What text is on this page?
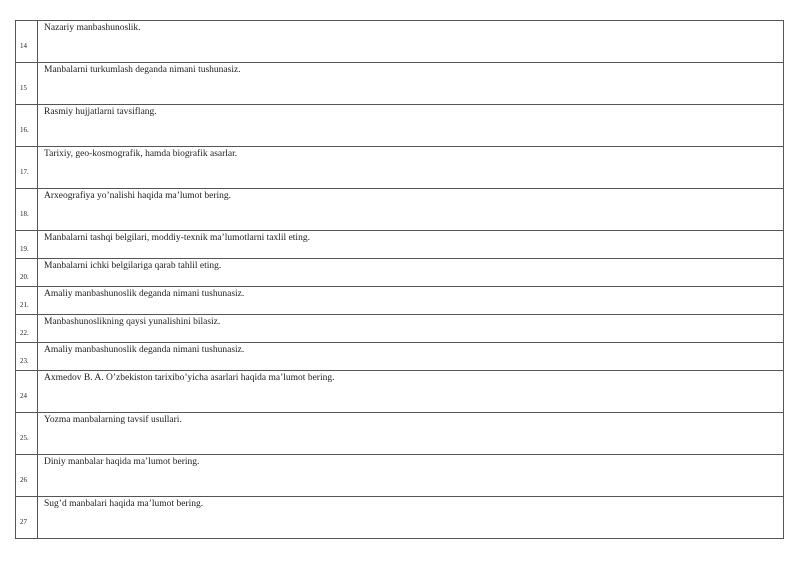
14	Nazariy manbashunoslik.
15	Manbalarni turkumlash deganda nimani tushunasiz.
16.	Rasmiy hujjatlarni tavsiflang.
17.	Tarixiy, geo-kosmografik, hamda biografik asarlar.
18.	Arxeografiya yo’nalishi haqida ma’lumot bering.
19.	Manbalarni tashqi belgilari, moddiy-texnik ma’lumotlarni taxlil eting.
20.	Manbalarni ichki belgilariga qarab tahlil eting.
21.	Amaliy manbashunoslik deganda nimani tushunasiz.
22.	Manbashunoslikning qaysi yunalishini bilasiz.
23.	Amaliy manbashunoslik deganda nimani tushunasiz.
24	Axmedov B. A. O’zbekiston tarixibo’yicha asarlari haqida ma’lumot bering.
25.	Yozma manbalarning tavsif usullari.
26	Diniy manbalar haqida ma’lumot bering.
27	Sug’d manbalari haqida ma’lumot bering.
